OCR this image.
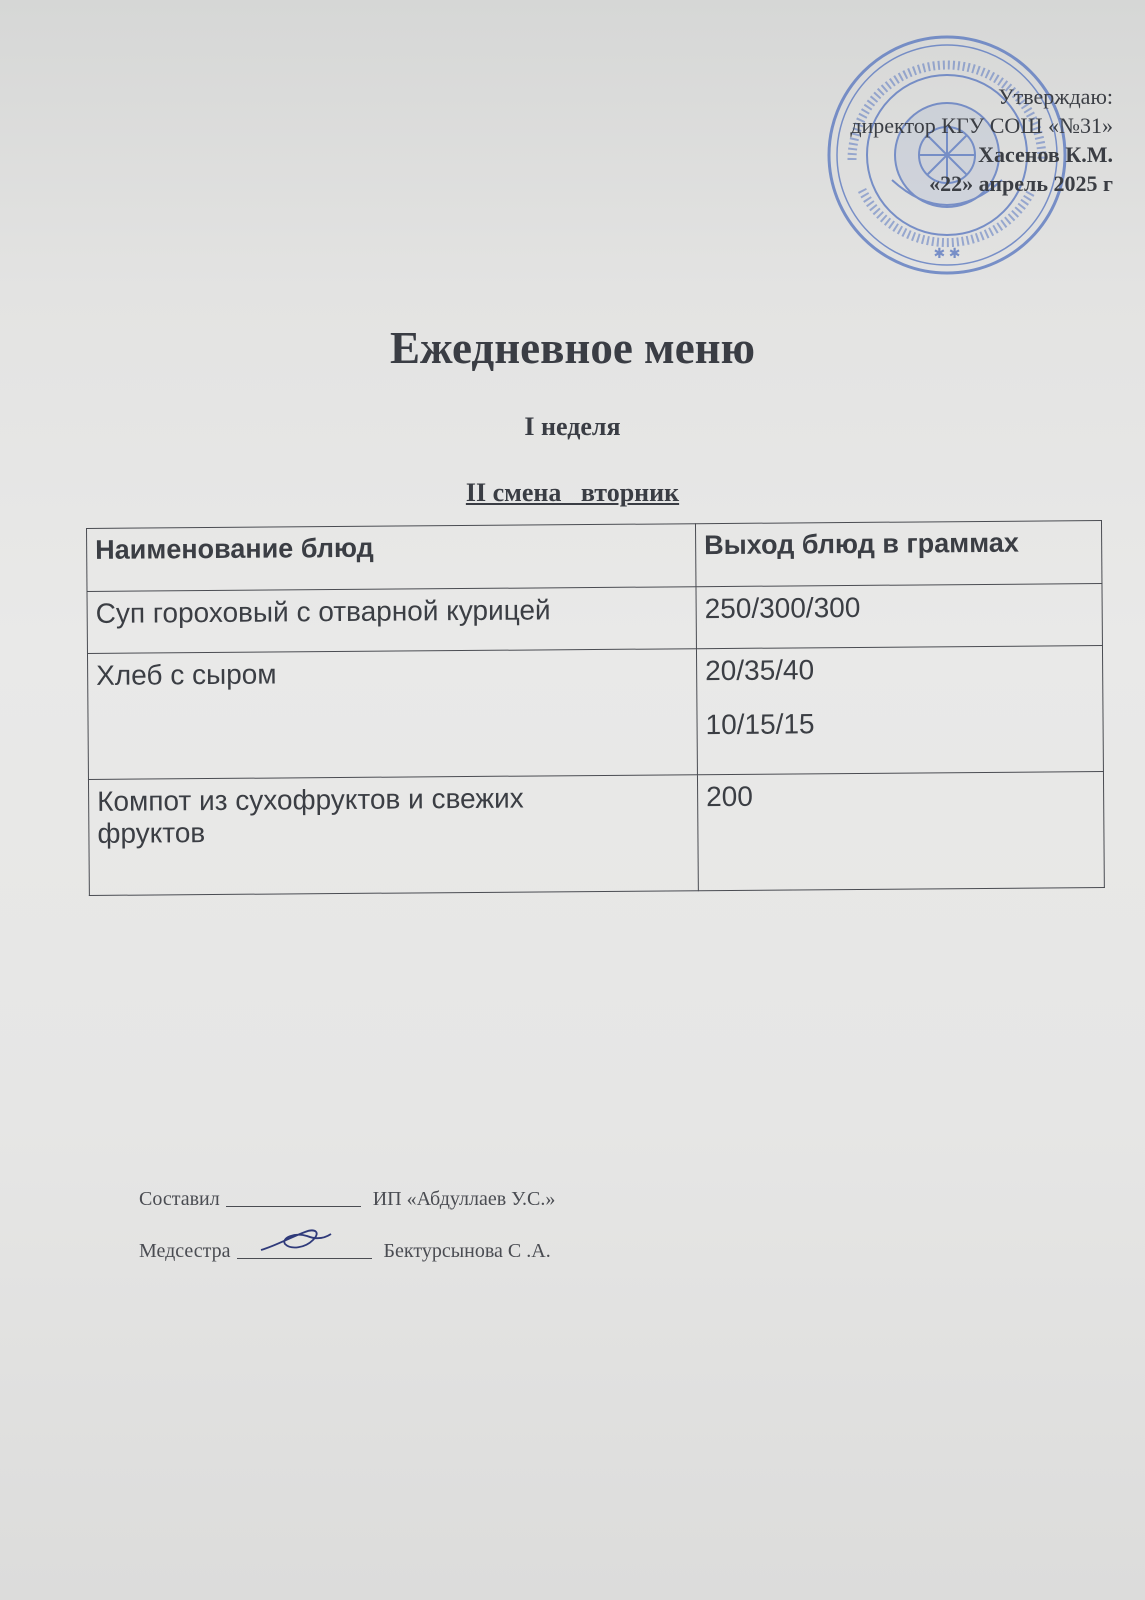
✱ ✱
Утверждаю:
директор КГУ СОШ «№31»
Хасенов К.М.
«22» апрель 2025 г
Ежедневное меню
I неделя
II смена   вторник
Наименование блюд	Выход блюд в граммах
Суп гороховый с отварной курицей	250/300/300

Хлеб с сыром	20/35/40
10/15/15

Компот из сухофруктов и свежих фруктов	200
Составил	ИП «Абдуллаев У.С.»
Медсестра	Бектурсынова С .А.
